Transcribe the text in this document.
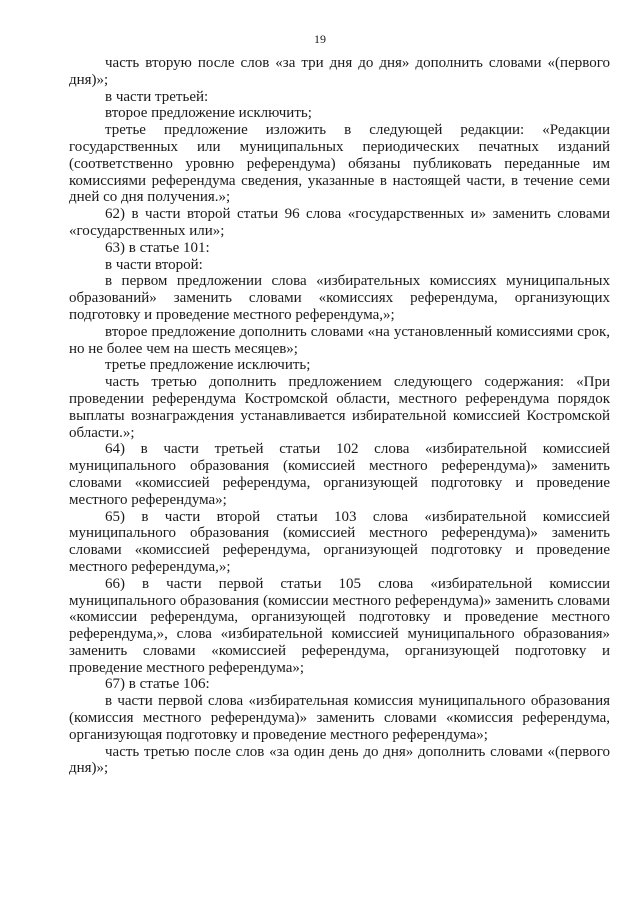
19

часть вторую после слов «за три дня до дня» дополнить словами «(первого дня)»;

в части третьей:

второе предложение исключить;

третье предложение изложить в следующей редакции: «Редакции государственных или муниципальных периодических печатных изданий (соответственно уровню референдума) обязаны публиковать переданные им комиссиями референдума сведения, указанные в настоящей части, в течение семи дней со дня получения.»;

62) в части второй статьи 96 слова «государственных и» заменить словами «государственных или»;

63) в статье 101:

в части второй:

в первом предложении слова «избирательных комиссиях муниципальных образований» заменить словами «комиссиях референдума, организующих подготовку и проведение местного референдума,»;

второе предложение дополнить словами «на установленный комиссиями срок, но не более чем на шесть месяцев»;

третье предложение исключить;

часть третью дополнить предложением следующего содержания: «При проведении референдума Костромской области, местного референдума порядок выплаты вознаграждения устанавливается избирательной комиссией Костромской области.»;

64) в части третьей статьи 102 слова «избирательной комиссией муниципального образования (комиссией местного референдума)» заменить словами «комиссией референдума, организующей подготовку и проведение местного референдума»;

65) в части второй статьи 103 слова «избирательной комиссией муниципального образования (комиссией местного референдума)» заменить словами «комиссией референдума, организующей подготовку и проведение местного референдума,»;

66) в части первой статьи 105 слова «избирательной комиссии муниципального образования (комиссии местного референдума)» заменить словами «комиссии референдума, организующей подготовку и проведение местного референдума,», слова «избирательной комиссией муниципального образования» заменить словами «комиссией референдума, организующей подготовку и проведение местного референдума»;

67) в статье 106:

в части первой слова «избирательная комиссия муниципального образования (комиссия местного референдума)» заменить словами «комиссия референдума, организующая подготовку и проведение местного референдума»;

часть третью после слов «за один день до дня» дополнить словами «(первого дня)»;
